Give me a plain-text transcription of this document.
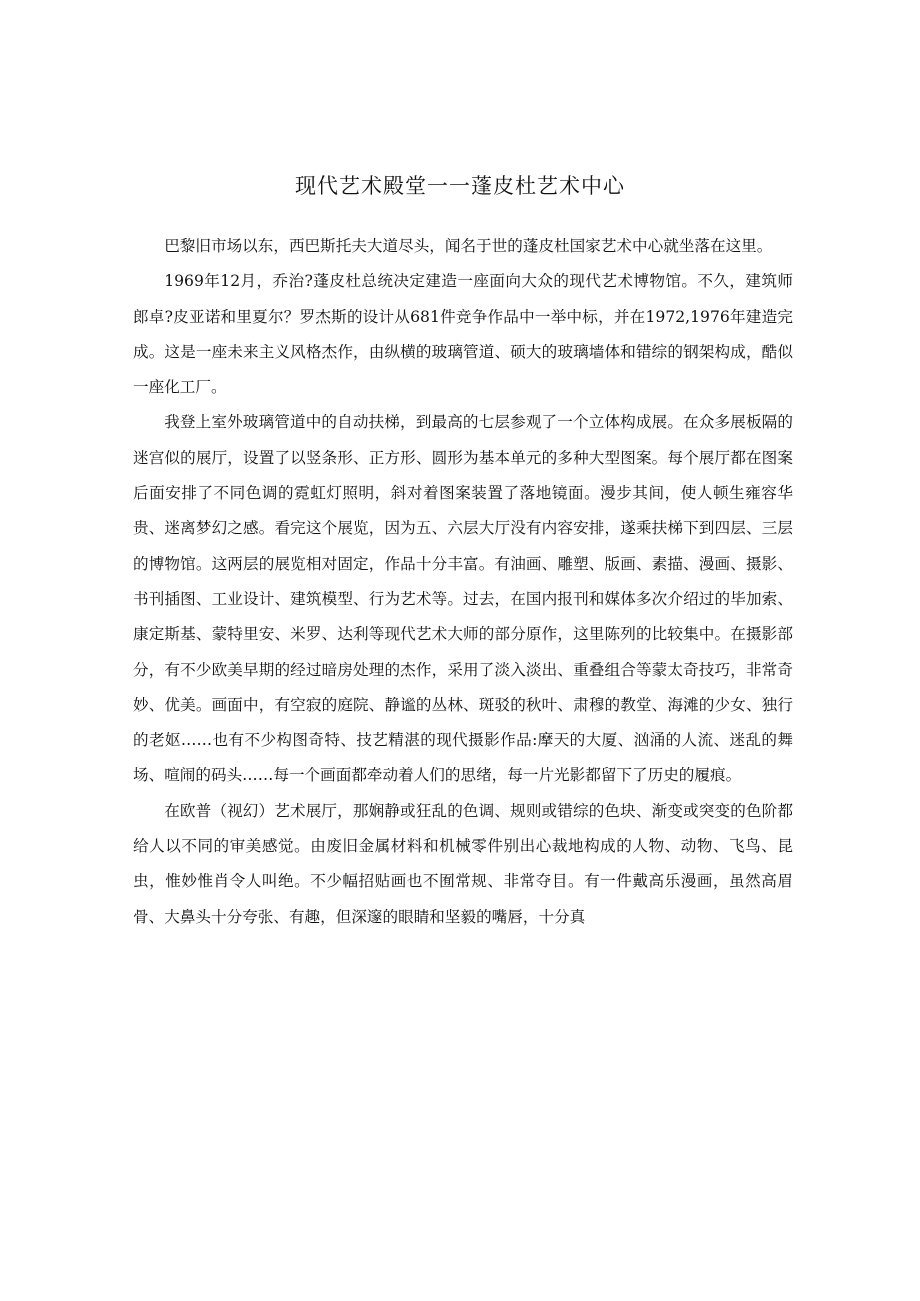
现代艺术殿堂一一蓬皮杜艺术中心

巴黎旧市场以东，西巴斯托夫大道尽头，闻名于世的蓬皮杜国家艺术中心就坐落在这里。

1969年12月，乔治?蓬皮杜总统决定建造一座面向大众的现代艺术博物馆。不久，建筑师郎卓?皮亚诺和里夏尔？罗杰斯的设计从681件竞争作品中一举中标，并在1972,1976年建造完成。这是一座未来主义风格杰作，由纵横的玻璃管道、硕大的玻璃墙体和错综的钢架构成，酷似一座化工厂。

我登上室外玻璃管道中的自动扶梯，到最高的七层参观了一个立体构成展。在众多展板隔的迷宫似的展厅，设置了以竖条形、正方形、圆形为基本单元的多种大型图案。每个展厅都在图案后面安排了不同色调的霓虹灯照明，斜对着图案装置了落地镜面。漫步其间，使人顿生雍容华贵、迷离梦幻之感。看完这个展览，因为五、六层大厅没有内容安排，遂乘扶梯下到四层、三层的博物馆。这两层的展览相对固定，作品十分丰富。有油画、雕塑、版画、素描、漫画、摄影、书刊插图、工业设计、建筑模型、行为艺术等。过去，在国内报刊和媒体多次介绍过的毕加索、康定斯基、蒙特里安、米罗、达利等现代艺术大师的部分原作，这里陈列的比较集中。在摄影部分，有不少欧美早期的经过暗房处理的杰作，采用了淡入淡出、重叠组合等蒙太奇技巧，非常奇妙、优美。画面中，有空寂的庭院、静谧的丛林、斑驳的秋叶、肃穆的教堂、海滩的少女、独行的老妪……也有不少构图奇特、技艺精湛的现代摄影作品:摩天的大厦、汹涌的人流、迷乱的舞场、喧闹的码头……每一个画面都牵动着人们的思绪，每一片光影都留下了历史的履痕。

在欧普（视幻）艺术展厅，那娴静或狂乱的色调、规则或错综的色块、渐变或突变的色阶都给人以不同的审美感觉。由废旧金属材料和机械零件别出心裁地构成的人物、动物、飞鸟、昆虫，惟妙惟肖令人叫绝。不少幅招贴画也不囿常规、非常夺目。有一件戴高乐漫画，虽然高眉骨、大鼻头十分夸张、有趣，但深邃的眼睛和坚毅的嘴唇，十分真
